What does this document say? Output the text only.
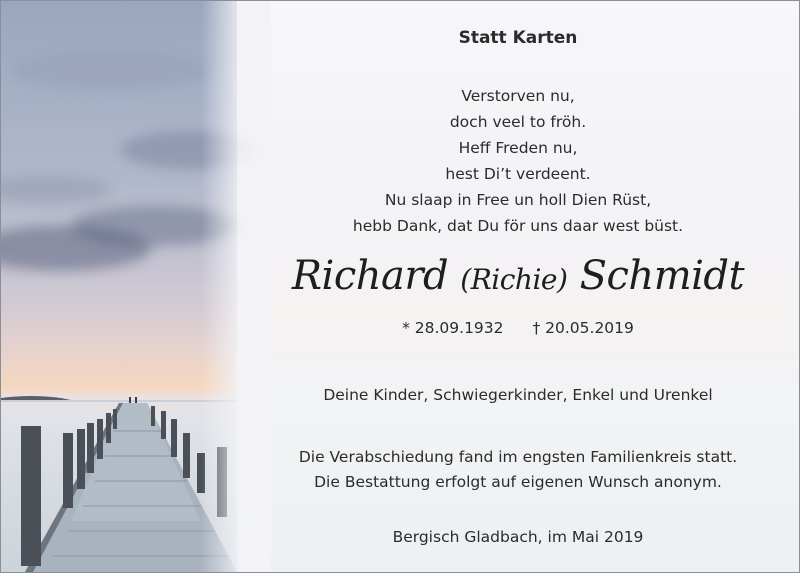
Statt Karten
Verstorven nu,
doch veel to fröh.
Heff Freden nu,
hest Di’t verdeent.
Nu slaap in Free un holl Dien Rüst,
hebb Dank, dat Du för uns daar west büst.
Richard (Richie) Schmidt
* 28.09.1932 † 20.05.2019
Deine Kinder, Schwiegerkinder, Enkel und Urenkel
Die Verabschiedung fand im engsten Familienkreis statt.
Die Bestattung erfolgt auf eigenen Wunsch anonym.
Bergisch Gladbach, im Mai 2019
